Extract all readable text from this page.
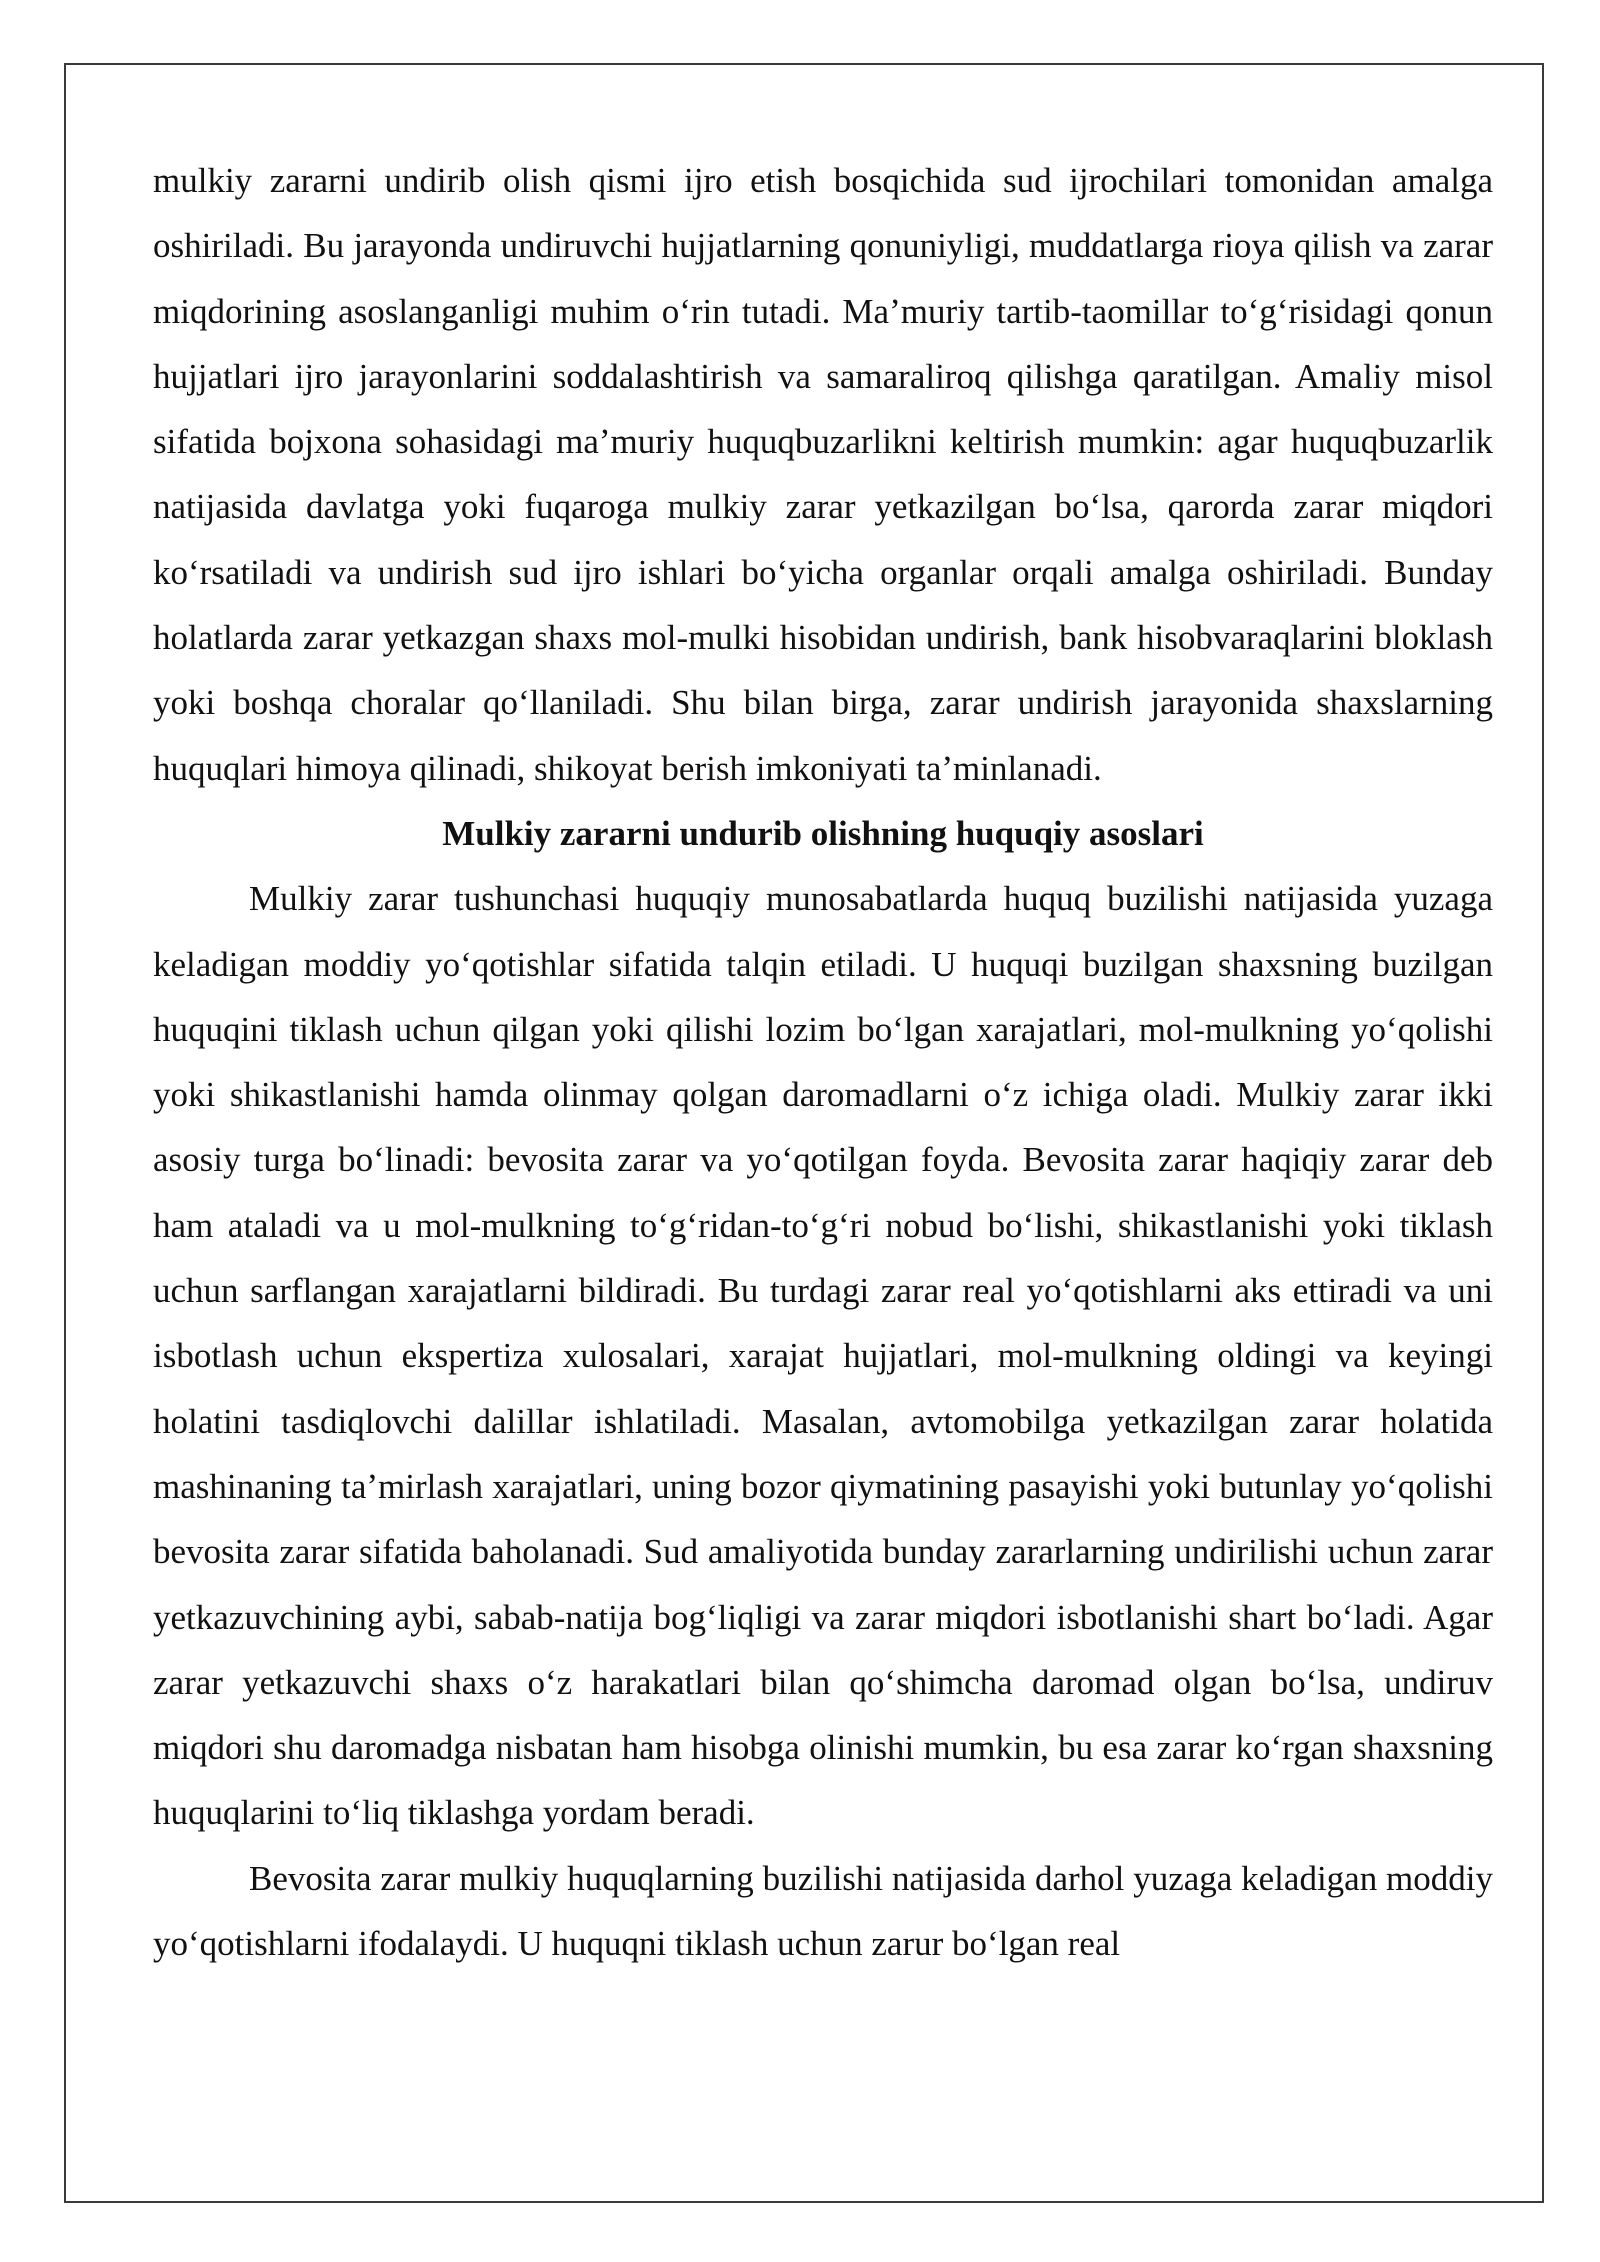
mulkiy zararni undirib olish qismi ijro etish bosqichida sud ijrochilari tomonidan amalga oshiriladi. Bu jarayonda undiruvchi hujjatlarning qonuniyligi, muddatlarga rioya qilish va zarar miqdorining asoslanganligi muhim oʻrin tutadi. Maʼmuriy tartib-taomillar toʻgʻrisidagi qonun hujjatlari ijro jarayonlarini soddalashtirish va samaraliroq qilishga qaratilgan. Amaliy misol sifatida bojxona sohasidagi maʼmuriy huquqbuzarlikni keltirish mumkin: agar huquqbuzarlik natijasida davlatga yoki fuqaroga mulkiy zarar yetkazilgan boʻlsa, qarorda zarar miqdori koʻrsatiladi va undirish sud ijro ishlari boʻyicha organlar orqali amalga oshiriladi. Bunday holatlarda zarar yetkazgan shaxs mol-mulki hisobidan undirish, bank hisobvaraqlarini bloklash yoki boshqa choralar qoʻllaniladi. Shu bilan birga, zarar undirish jarayonida shaxslarning huquqlari himoya qilinadi, shikoyat berish imkoniyati taʼminlanadi.

Mulkiy zararni undurib olishning huquqiy asoslari

Mulkiy zarar tushunchasi huquqiy munosabatlarda huquq buzilishi natijasida yuzaga keladigan moddiy yoʻqotishlar sifatida talqin etiladi. U huquqi buzilgan shaxsning buzilgan huquqini tiklash uchun qilgan yoki qilishi lozim boʻlgan xarajatlari, mol-mulkning yoʻqolishi yoki shikastlanishi hamda olinmay qolgan daromadlarni oʻz ichiga oladi. Mulkiy zarar ikki asosiy turga boʻlinadi: bevosita zarar va yoʻqotilgan foyda. Bevosita zarar haqiqiy zarar deb ham ataladi va u mol-mulkning toʻgʻridan-toʻgʻri nobud boʻlishi, shikastlanishi yoki tiklash uchun sarflangan xarajatlarni bildiradi. Bu turdagi zarar real yoʻqotishlarni aks ettiradi va uni isbotlash uchun ekspertiza xulosalari, xarajat hujjatlari, mol-mulkning oldingi va keyingi holatini tasdiqlovchi dalillar ishlatiladi. Masalan, avtomobilga yetkazilgan zarar holatida mashinaning taʼmirlash xarajatlari, uning bozor qiymatining pasayishi yoki butunlay yoʻqolishi bevosita zarar sifatida baholanadi. Sud amaliyotida bunday zararlarning undirilishi uchun zarar yetkazuvchining aybi, sabab-natija bogʻliqligi va zarar miqdori isbotlanishi shart boʻladi. Agar zarar yetkazuvchi shaxs oʻz harakatlari bilan qoʻshimcha daromad olgan boʻlsa, undiruv miqdori shu daromadga nisbatan ham hisobga olinishi mumkin, bu esa zarar koʻrgan shaxsning huquqlarini toʻliq tiklashga yordam beradi.

Bevosita zarar mulkiy huquqlarning buzilishi natijasida darhol yuzaga keladigan moddiy yoʻqotishlarni ifodalaydi. U huquqni tiklash uchun zarur boʻlgan real
